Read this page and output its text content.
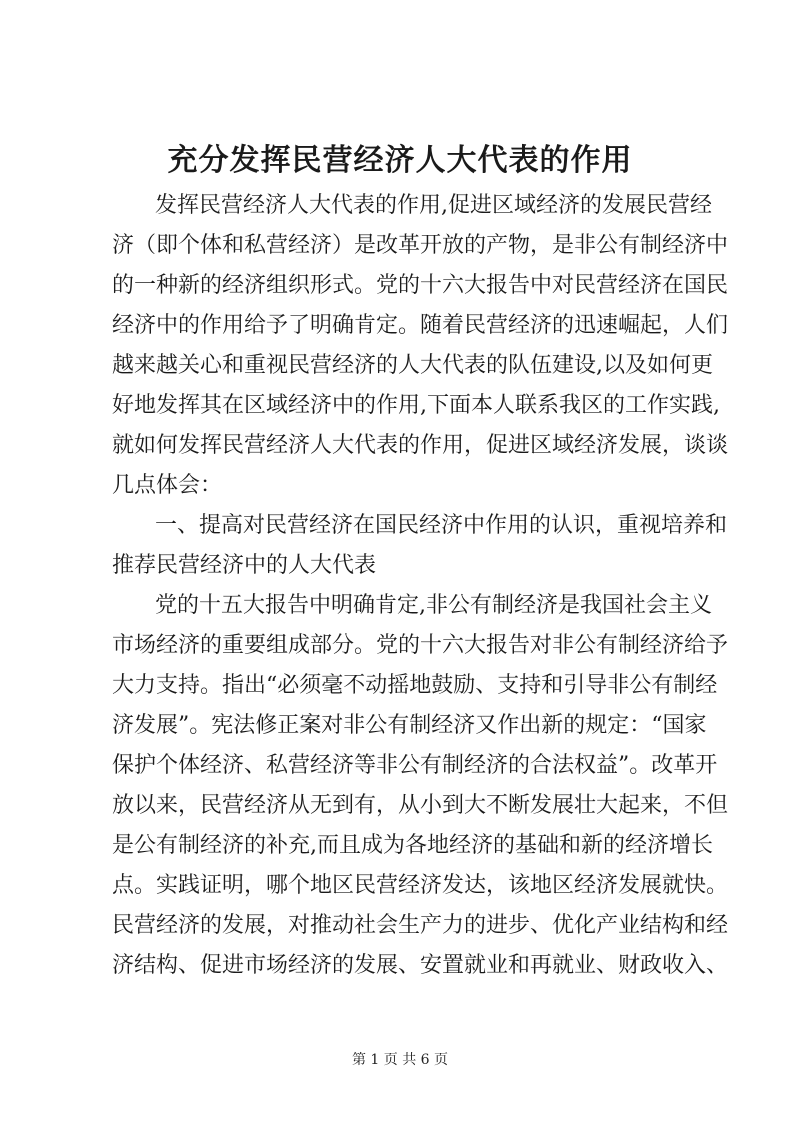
充分发挥民营经济人大代表的作用
发挥民营经济人大代表的作用,促进区域经济的发展民营经
济（即个体和私营经济）是改革开放的产物，是非公有制经济中
的一种新的经济组织形式。党的十六大报告中对民营经济在国民
经济中的作用给予了明确肯定。随着民营经济的迅速崛起，人们
越来越关心和重视民营经济的人大代表的队伍建设,以及如何更
好地发挥其在区域经济中的作用,下面本人联系我区的工作实践,
就如何发挥民营经济人大代表的作用，促进区域经济发展，谈谈
几点体会：
一、提高对民营经济在国民经济中作用的认识，重视培养和
推荐民营经济中的人大代表
党的十五大报告中明确肯定,非公有制经济是我国社会主义
市场经济的重要组成部分。党的十六大报告对非公有制经济给予
大力支持。指出“必须毫不动摇地鼓励、支持和引导非公有制经
济发展”。宪法修正案对非公有制经济又作出新的规定：“国家
保护个体经济、私营经济等非公有制经济的合法权益”。改革开
放以来，民营经济从无到有，从小到大不断发展壮大起来，不但
是公有制经济的补充,而且成为各地经济的基础和新的经济增长
点。实践证明，哪个地区民营经济发达，该地区经济发展就快。
民营经济的发展，对推动社会生产力的进步、优化产业结构和经
济结构、促进市场经济的发展、安置就业和再就业、财政收入、
第 1 页 共 6 页
